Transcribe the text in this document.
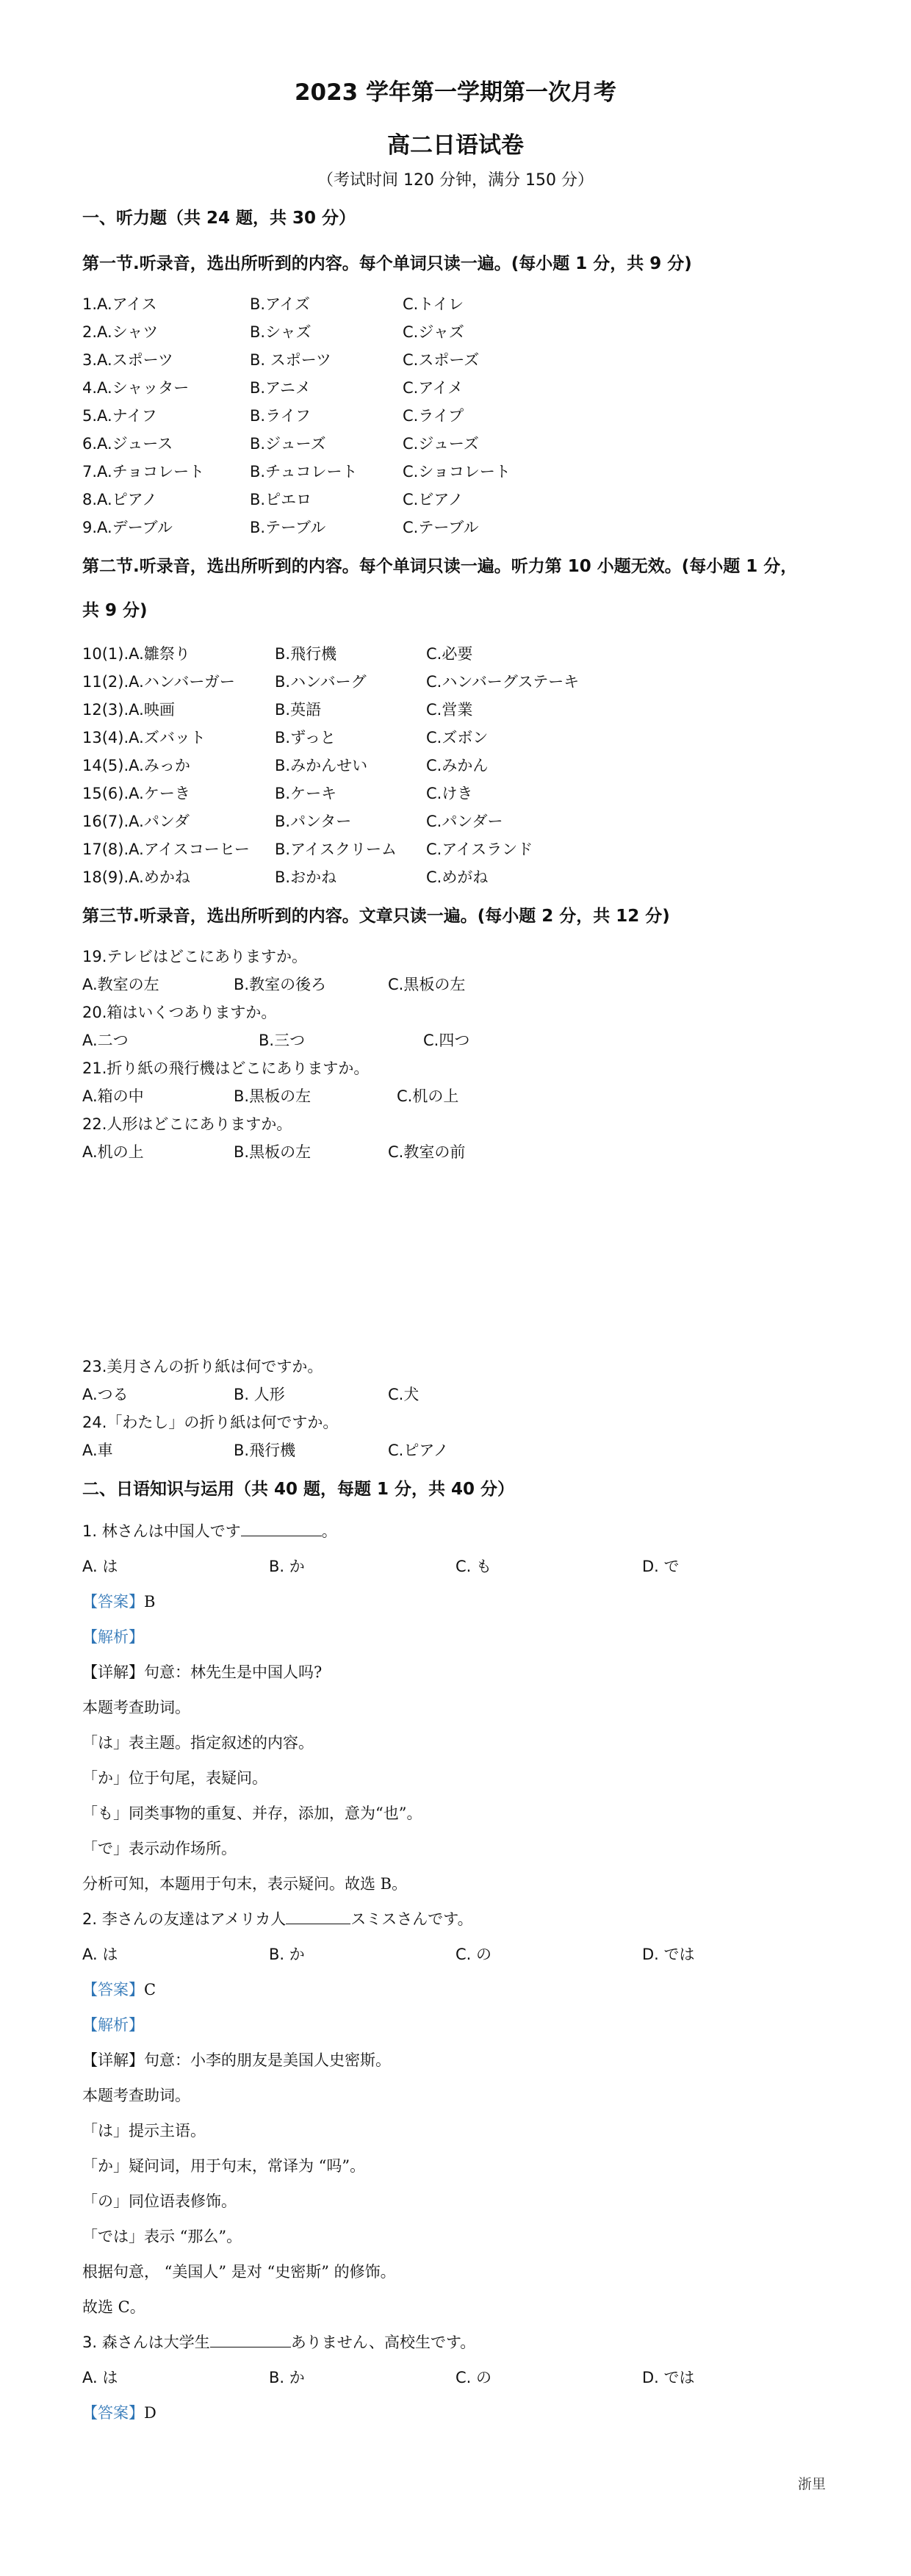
2023 学年第一学期第一次月考
高二日语试卷
（考试时间 120 分钟，满分 150 分）
一、听力题（共 24 题，共 30 分）
第一节.听录音，选出所听到的内容。每个单词只读一遍。(每小题 1 分，共 9 分)
1.A.アイス	B.アイズ	C.トイレ
2.A.シャツ	B.シャズ	C.ジャズ
3.A.スポーツ	B. スポーツ	C.スポーズ
4.A.シャッター	B.アニメ	C.アイメ
5.A.ナイフ	B.ライフ	C.ライプ
6.A.ジュース	B.ジューズ	C.ジューズ
7.A.チョコレート	B.チュコレート	C.ショコレート
8.A.ピアノ	B.ピエロ	C.ビアノ
9.A.デーブル	B.テーブル	C.テーブル
第二节.听录音，选出所听到的内容。每个单词只读一遍。听力第 10 小题无效。(每小题 1 分，
共 9 分)
10(1).A.雛祭り	B.飛行機	C.必要
11(2).A.ハンバーガー	B.ハンバーグ	C.ハンバーグステーキ
12(3).A.映画	B.英語	C.営業
13(4).A.ズバット	B.ずっと	C.ズボン
14(5).A.みっか	B.みかんせい	C.みかん
15(6).A.ケーき	B.ケーキ	C.けき
16(7).A.パンダ	B.パンター	C.パンダー
17(8).A.アイスコーヒー B.アイスクリーム C.アイスランド
18(9).A.めかね	B.おかね	C.めがね
第三节.听录音，选出所听到的内容。文章只读一遍。(每小题 2 分，共 12 分)
19.テレビはどこにありますか。
A.教室の左	B.教室の後ろ	C.黒板の左
20.箱はいくつありますか。
A.二つ	B.三つ	C.四つ
21.折り紙の飛行機はどこにありますか。
A.箱の中	B.黒板の左	C.机の上
22.人形はどこにありますか。
A.机の上	B.黒板の左	C.教室の前
23.美月さんの折り紙は何ですか。
A.つる	B. 人形	C.犬
24.「わたし」の折り紙は何ですか。
A.車	B.飛行機	C.ピアノ
二、日语知识与运用（共 40 题，每题 1 分，共 40 分）
1. 林さんは中国人です	。
A. は	B. か	C. も	D. で
【答案】B
【解析】
【详解】句意：林先生是中国人吗?
本题考查助词。
「は」表主题。指定叙述的内容。
「か」位于句尾，表疑问。
「も」同类事物的重复、并存，添加，意为“也”。
「で」表示动作场所。
分析可知，本题用于句末，表示疑问。故选 B。
2. 李さんの友達はアメリカ人	スミスさんです。
A. は	B. か	C. の	D. では
【答案】C
【解析】
【详解】句意：小李的朋友是美国人史密斯。
本题考查助词。
「は」提示主语。
「か」疑问词，用于句末，常译为 “吗”。
「の」同位语表修饰。
「では」表示 “那么”。
根据句意， “美国人” 是对 “史密斯” 的修饰。
故选 C。
3. 森さんは大学生	ありません、高校生です。
A. は	B. か	C. の	D. では
【答案】D
浙里
